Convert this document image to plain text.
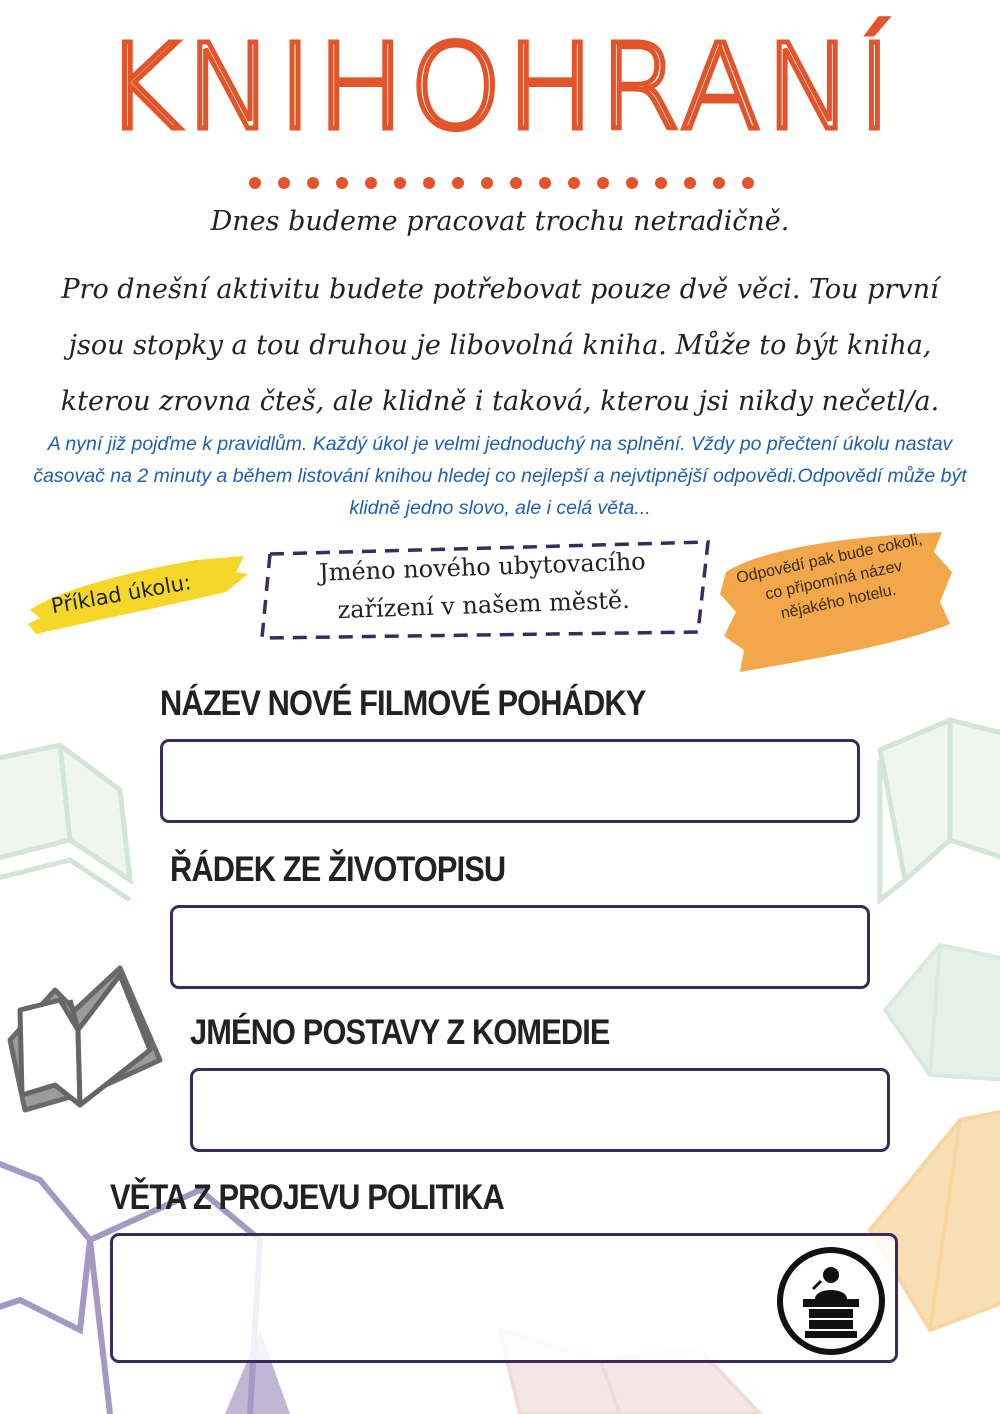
KNIHOHRANÍ
Dnes budeme pracovat trochu netradičně.
Pro dnešní aktivitu budete potřebovat pouze dvě věci. Tou první jsou stopky a tou druhou je libovolná kniha. Může to být kniha, kterou zrovna čteš, ale klidně i taková, kterou jsi nikdy nečetl/a.
A nyní již pojďme k pravidlům. Každý úkol je velmi jednoduchý na splnění. Vždy po přečtení úkolu nastav časovač na 2 minuty a během listování knihou hledej co nejlepší a nejvtipnější odpovědi.Odpovědí může být klidně jedno slovo, ale i celá věta...
Příklad úkolu:
Jméno nového ubytovacího zařízení v našem městě.
Odpovědí pak bude cokoli, co připomíná název nějakého hotelu.
NÁZEV NOVÉ FILMOVÉ POHÁDKY
ŘÁDEK ZE ŽIVOTOPISU
JMÉNO POSTAVY Z KOMEDIE
VĚTA Z PROJEVU POLITIKA
